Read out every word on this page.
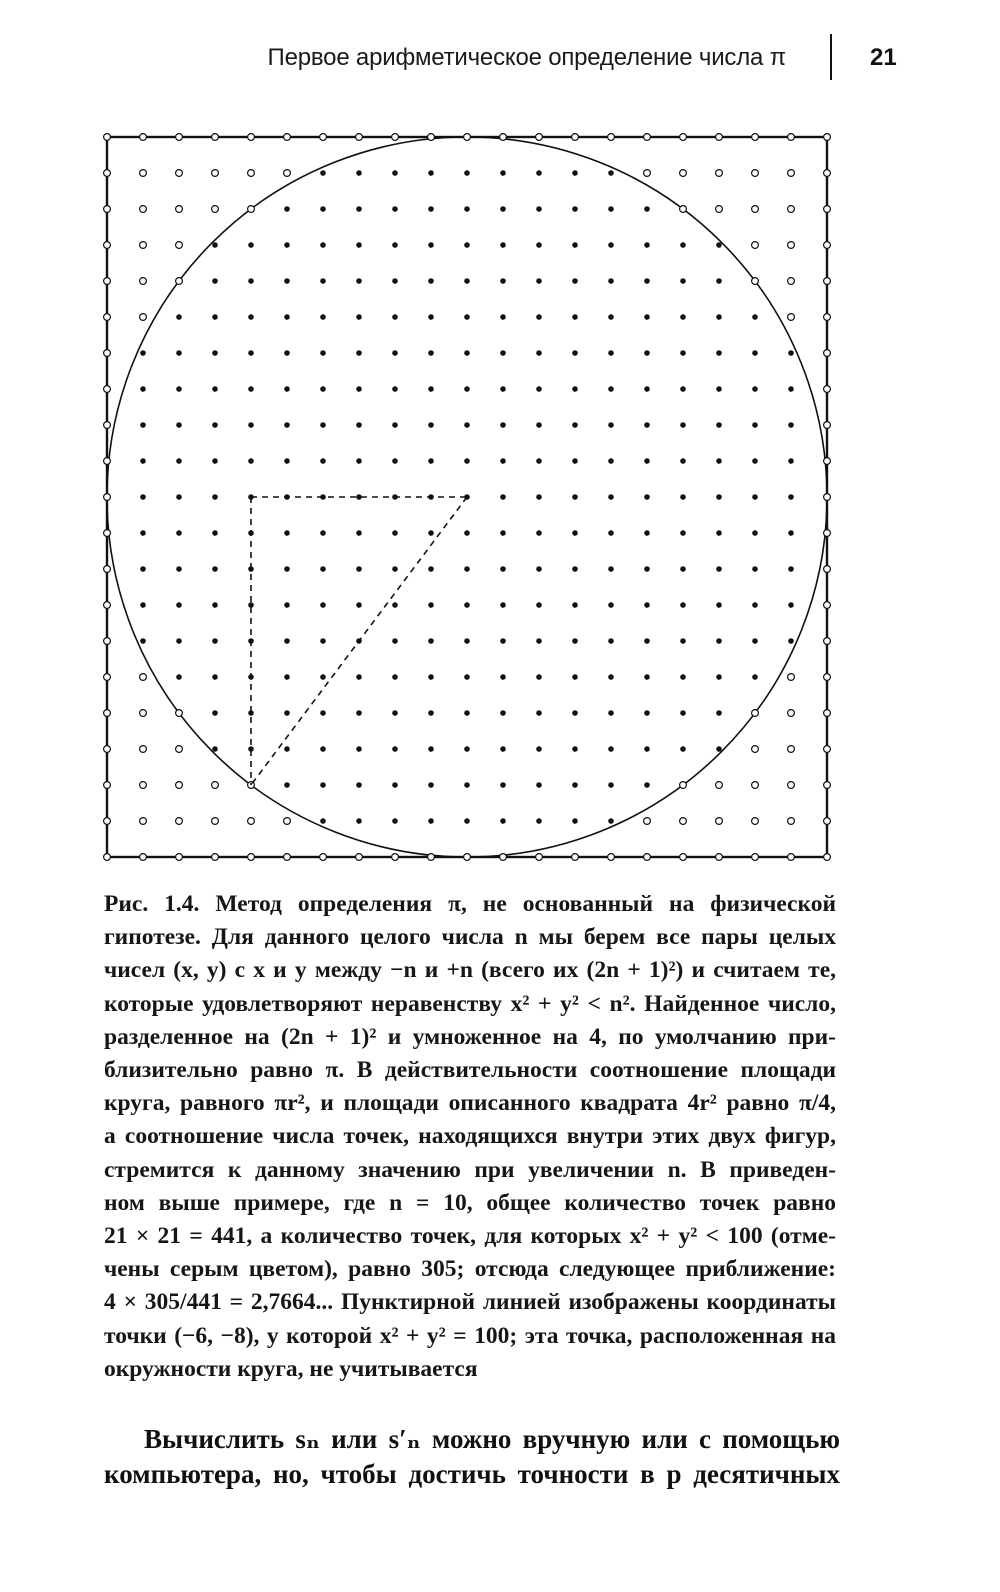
Первое арифметическое определение числа π	21
Рис. 1.4. Метод определения π, не основанный на физической
гипотезе. Для данного целого числа n мы берем все пары целых
чисел (x, y) с x и y между −n и +n (всего их (2n + 1)²) и считаем те,
которые удовлетворяют неравенству x² + y² < n². Найденное число,
разделенное на (2n + 1)² и умноженное на 4, по умолчанию при-
близительно равно π. В действительности соотношение площади
круга, равного πr², и площади описанного квадрата 4r² равно π/4,
а соотношение числа точек, находящихся внутри этих двух фигур,
стремится к данному значению при увеличении n. В приведен-
ном выше примере, где n = 10, общее количество точек равно
21 × 21 = 441, а количество точек, для которых x² + y² < 100 (отме-
чены серым цветом), равно 305; отсюда следующее приближение:
4 × 305/441 = 2,7664... Пунктирной линией изображены координаты
точки (−6, −8), у которой x² + y² = 100; эта точка, расположенная на
окружности круга, не учитывается
Вычислить sₙ или s′ₙ можно вручную или с помощью
компьютера, но, чтобы достичь точности в p десятичных
